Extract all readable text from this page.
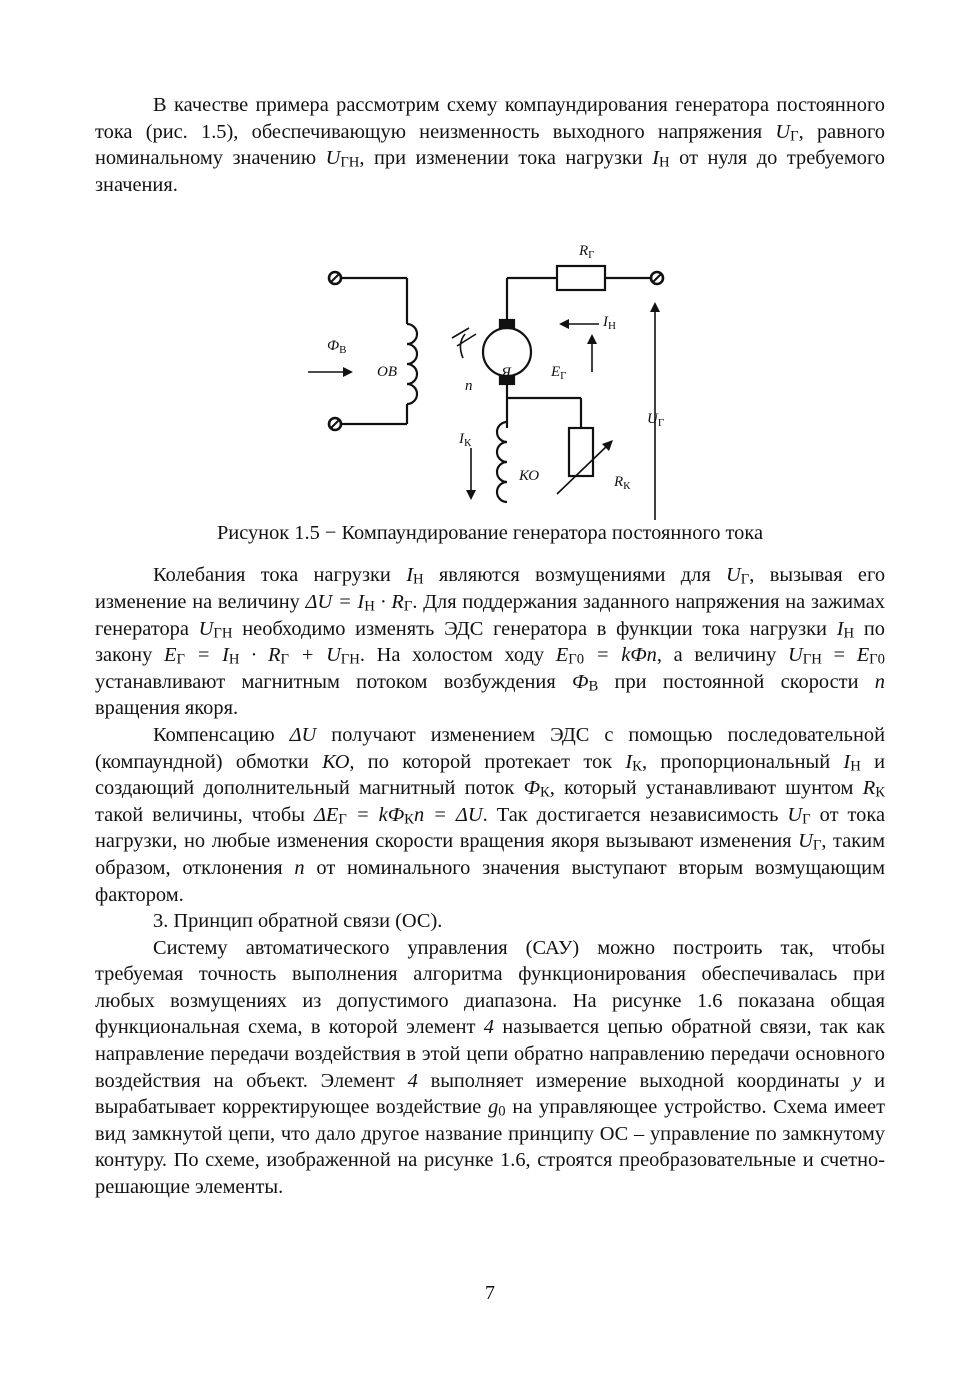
В качестве примера рассмотрим схему компаундирования генератора постоянного тока (рис. 1.5), обеспечивающую неизменность выходного напряжения $U_Г$, равного номинальному значению $U_{ГН}$, при изменении тока нагрузки $I_Н$ от нуля до требуемого значения.

$R_Г$
$I_Н$
$Ф_В$
ОВ	Я	$E_Г$
n
$U_Г$
$I_К$
КО	$R_К$

Рисунок 1.5 − Компаундирование генератора постоянного тока

Колебания тока нагрузки $I_Н$ являются возмущениями для $U_Г$, вызывая его изменение на величину $\Delta U = I_Н \cdot R_Г$. Для поддержания заданного напряжения на зажимах генератора $U_{ГН}$ необходимо изменять ЭДС генератора в функции тока нагрузки $I_Н$ по закону $E_Г = I_Н \cdot R_Г + U_{ГН}$. На холостом ходу $E_{Г0}$ = kФn, а величину $U_{ГН} = E_{Г0}$ устанавливают магнитным потоком возбуждения $Ф_В$ при постоянной скорости n вращения якоря.

Компенсацию ΔU получают изменением ЭДС с помощью последовательной (компаундной) обмотки КО, по которой протекает ток $I_К$, пропорциональный $I_Н$ и создающий дополнительный магнитный поток $Ф_К$, который устанавливают шунтом $R_К$ такой величины, чтобы $\Delta E_Г = kФ_Кn = \Delta U$. Так достигается независимость $U_Г$ от тока нагрузки, но любые изменения скорости вращения якоря вызывают изменения $U_Г$, таким образом, отклонения n от номинального значения выступают вторым возмущающим фактором.

3. Принцип обратной связи (ОС).

Систему автоматического управления (САУ) можно построить так, чтобы требуемая точность выполнения алгоритма функционирования обеспечивалась при любых возмущениях из допустимого диапазона. На рисунке 1.6 показана общая функциональная схема, в которой элемент 4 называется цепью обратной связи, так как направление передачи воздействия в этой цепи обратно направлению передачи основного воздействия на объект. Элемент 4 выполняет измерение выходной координаты y и вырабатывает корректирующее воздействие $g_0$ на управляющее устройство. Схема имеет вид замкнутой цепи, что дало другое название принципу ОС – управление по замкнутому контуру. По схеме, изображенной на рисунке 1.6, строятся преобразовательные и счетно-решающие элементы.

7
